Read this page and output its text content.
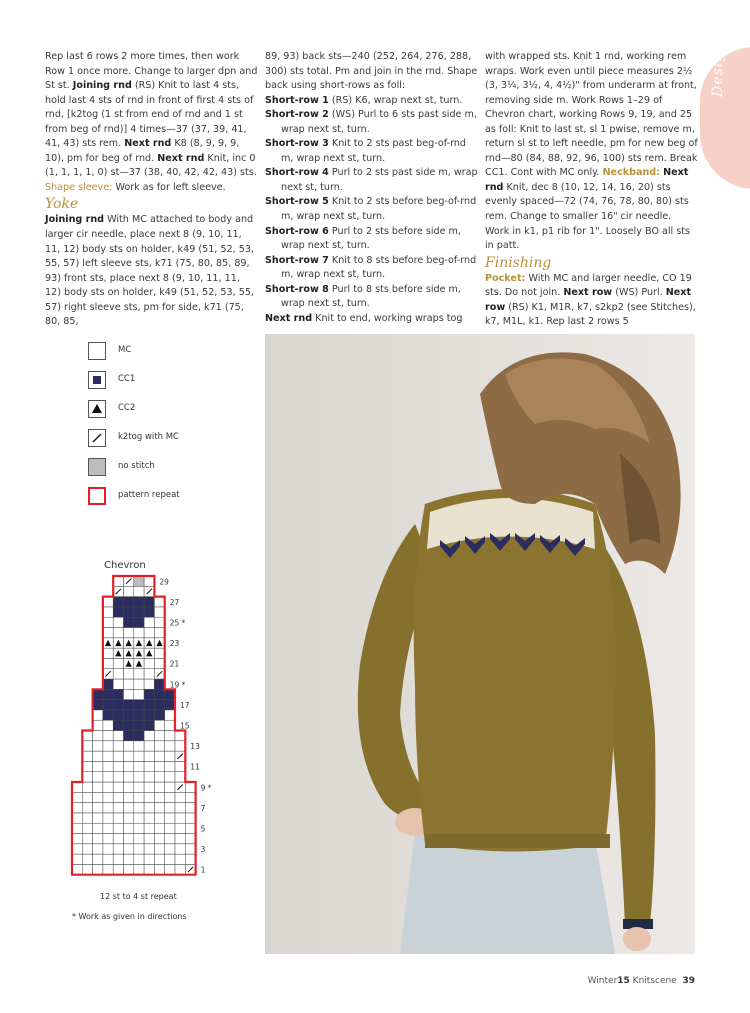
Designer

Rep last 6 rows 2 more times, then work Row 1 once more. Change to larger dpn and St st. Joining rnd (RS) Knit to last 4 sts, hold last 4 sts of rnd in front of first 4 sts of rnd, [k2tog (1 st from end of rnd and 1 st from beg of rnd)] 4 times—37 (37, 39, 41, 41, 43) sts rem. Next rnd K8 (8, 9, 9, 9, 10), pm for beg of rnd. Next rnd Knit, inc 0 (1, 1, 1, 1, 0) st—37 (38, 40, 42, 42, 43) sts. Shape sleeve: Work as for left sleeve.

Yoke

Joining rnd With MC attached to body and larger cir needle, place next 8 (9, 10, 11, 11, 12) body sts on holder, k49 (51, 52, 53, 55, 57) left sleeve sts, k71 (75, 80, 85, 89, 93) front sts, place next 8 (9, 10, 11, 11, 12) body sts on holder, k49 (51, 52, 53, 55, 57) right sleeve sts, pm for side, k71 (75, 80, 85,

89, 93) back sts—240 (252, 264, 276, 288, 300) sts total. Pm and join in the rnd. Shape back using short-rows as foll:

Short-row 1 (RS) K6, wrap next st, turn.

Short-row 2 (WS) Purl to 6 sts past side m, wrap next st, turn.

Short-row 3 Knit to 2 sts past beg-of-rnd m, wrap next st, turn.

Short-row 4 Purl to 2 sts past side m, wrap next st, turn.

Short-row 5 Knit to 2 sts before beg-of-rnd m, wrap next st, turn.

Short-row 6 Purl to 2 sts before side m, wrap next st, turn.

Short-row 7 Knit to 8 sts before beg-of-rnd m, wrap next st, turn.

Short-row 8 Purl to 8 sts before side m, wrap next st, turn.

Next rnd Knit to end, working wraps tog

with wrapped sts. Knit 1 rnd, working rem wraps. Work even until piece measures 2½ (3, 3¼, 3½, 4, 4½)" from underarm at front, removing side m. Work Rows 1–29 of Chevron chart, working Rows 9, 19, and 25 as foll: Knit to last st, sl 1 pwise, remove m, return sl st to left needle, pm for new beg of rnd—80 (84, 88, 92, 96, 100) sts rem. Break CC1. Cont with MC only. Neckband: Next rnd Knit, dec 8 (10, 12, 14, 16, 20) sts evenly spaced—72 (74, 76, 78, 80, 80) sts rem. Change to smaller 16" cir needle. Work in k1, p1 rib for 1". Loosely BO all sts in patt.

Finishing

Pocket: With MC and larger needle, CO 19 sts. Do not join. Next row (WS) Purl. Next row (RS) K1, M1R, k7, s2kp2 (see Stitches), k7, M1L, k1. Rep last 2 rows 5

MC
CC1
CC2
k2tog with MC
no stitch
pattern repeat
Chevron
29
27
25 *
23
21
19 *
17
15
13
11
9 *
7
5
3
1
12 st to 4 st repeat
* Work as given in directions
Winter15 Knitscene 39
